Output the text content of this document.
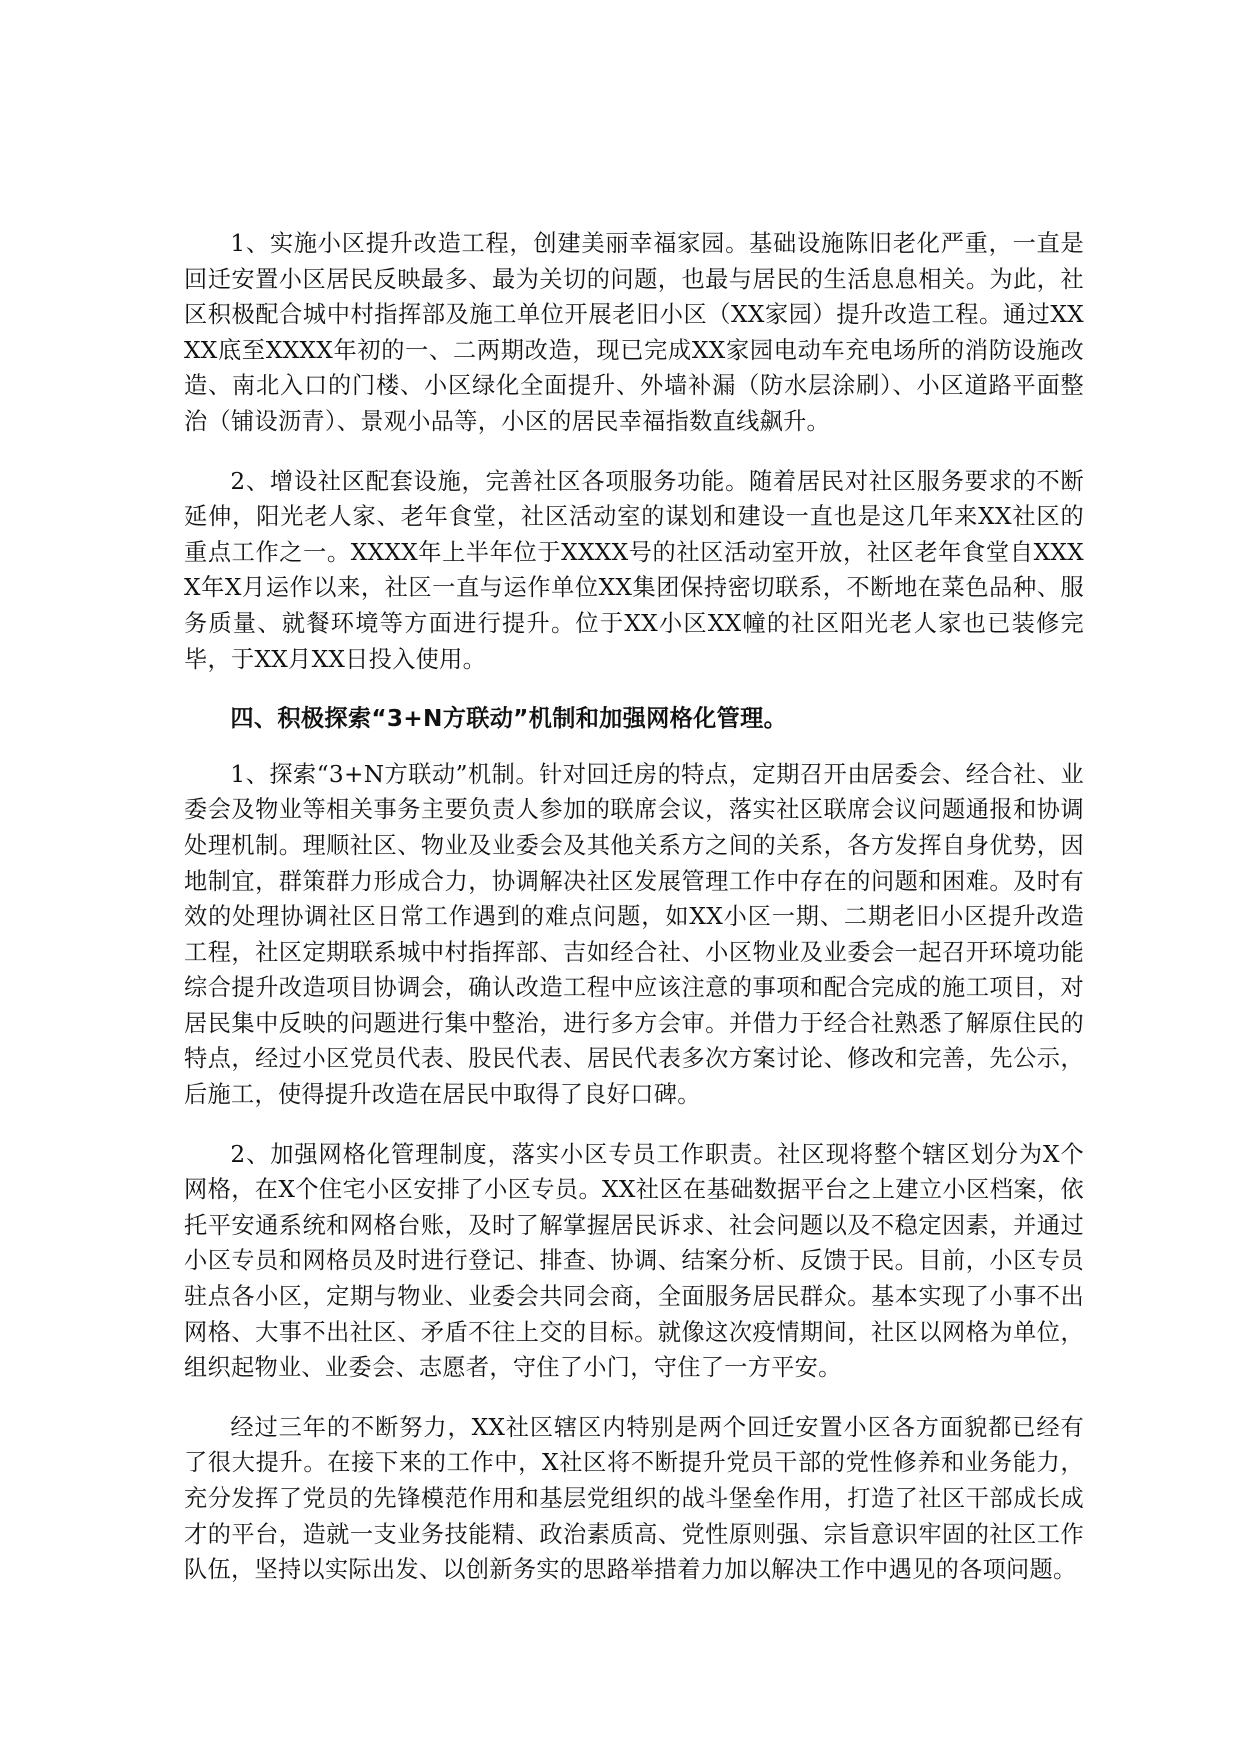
1、实施小区提升改造工程，创建美丽幸福家园。基础设施陈旧老化严重，一直是回迁安置小区居民反映最多、最为关切的问题，也最与居民的生活息息相关。为此，社区积极配合城中村指挥部及施工单位开展老旧小区（XX家园）提升改造工程。通过XXXX底至XXXX年初的一、二两期改造，现已完成XX家园电动车充电场所的消防设施改造、南北入口的门楼、小区绿化全面提升、外墙补漏（防水层涂刷）、小区道路平面整治（铺设沥青）、景观小品等，小区的居民幸福指数直线飙升。

2、增设社区配套设施，完善社区各项服务功能。随着居民对社区服务要求的不断延伸，阳光老人家、老年食堂，社区活动室的谋划和建设一直也是这几年来XX社区的重点工作之一。XXXX年上半年位于XXXX号的社区活动室开放，社区老年食堂自XXXX年X月运作以来，社区一直与运作单位XX集团保持密切联系，不断地在菜色品种、服务质量、就餐环境等方面进行提升。位于XX小区XX幢的社区阳光老人家也已装修完毕，于XX月XX日投入使用。

四、积极探索“3+N方联动”机制和加强网格化管理。

1、探索“3+N方联动”机制。针对回迁房的特点，定期召开由居委会、经合社、业委会及物业等相关事务主要负责人参加的联席会议，落实社区联席会议问题通报和协调处理机制。理顺社区、物业及业委会及其他关系方之间的关系，各方发挥自身优势，因地制宜，群策群力形成合力，协调解决社区发展管理工作中存在的问题和困难。及时有效的处理协调社区日常工作遇到的难点问题，如XX小区一期、二期老旧小区提升改造工程，社区定期联系城中村指挥部、吉如经合社、小区物业及业委会一起召开环境功能综合提升改造项目协调会，确认改造工程中应该注意的事项和配合完成的施工项目，对居民集中反映的问题进行集中整治，进行多方会审。并借力于经合社熟悉了解原住民的特点，经过小区党员代表、股民代表、居民代表多次方案讨论、修改和完善，先公示，后施工，使得提升改造在居民中取得了良好口碑。

2、加强网格化管理制度，落实小区专员工作职责。社区现将整个辖区划分为X个网格，在X个住宅小区安排了小区专员。XX社区在基础数据平台之上建立小区档案，依托平安通系统和网格台账，及时了解掌握居民诉求、社会问题以及不稳定因素，并通过小区专员和网格员及时进行登记、排查、协调、结案分析、反馈于民。目前，小区专员驻点各小区，定期与物业、业委会共同会商，全面服务居民群众。基本实现了小事不出网格、大事不出社区、矛盾不往上交的目标。就像这次疫情期间，社区以网格为单位，组织起物业、业委会、志愿者，守住了小门，守住了一方平安。

经过三年的不断努力，XX社区辖区内特别是两个回迁安置小区各方面貌都已经有了很大提升。在接下来的工作中，X社区将不断提升党员干部的党性修养和业务能力，充分发挥了党员的先锋模范作用和基层党组织的战斗堡垒作用，打造了社区干部成长成才的平台，造就一支业务技能精、政治素质高、党性原则强、宗旨意识牢固的社区工作队伍，坚持以实际出发、以创新务实的思路举措着力加以解决工作中遇见的各项问题。
